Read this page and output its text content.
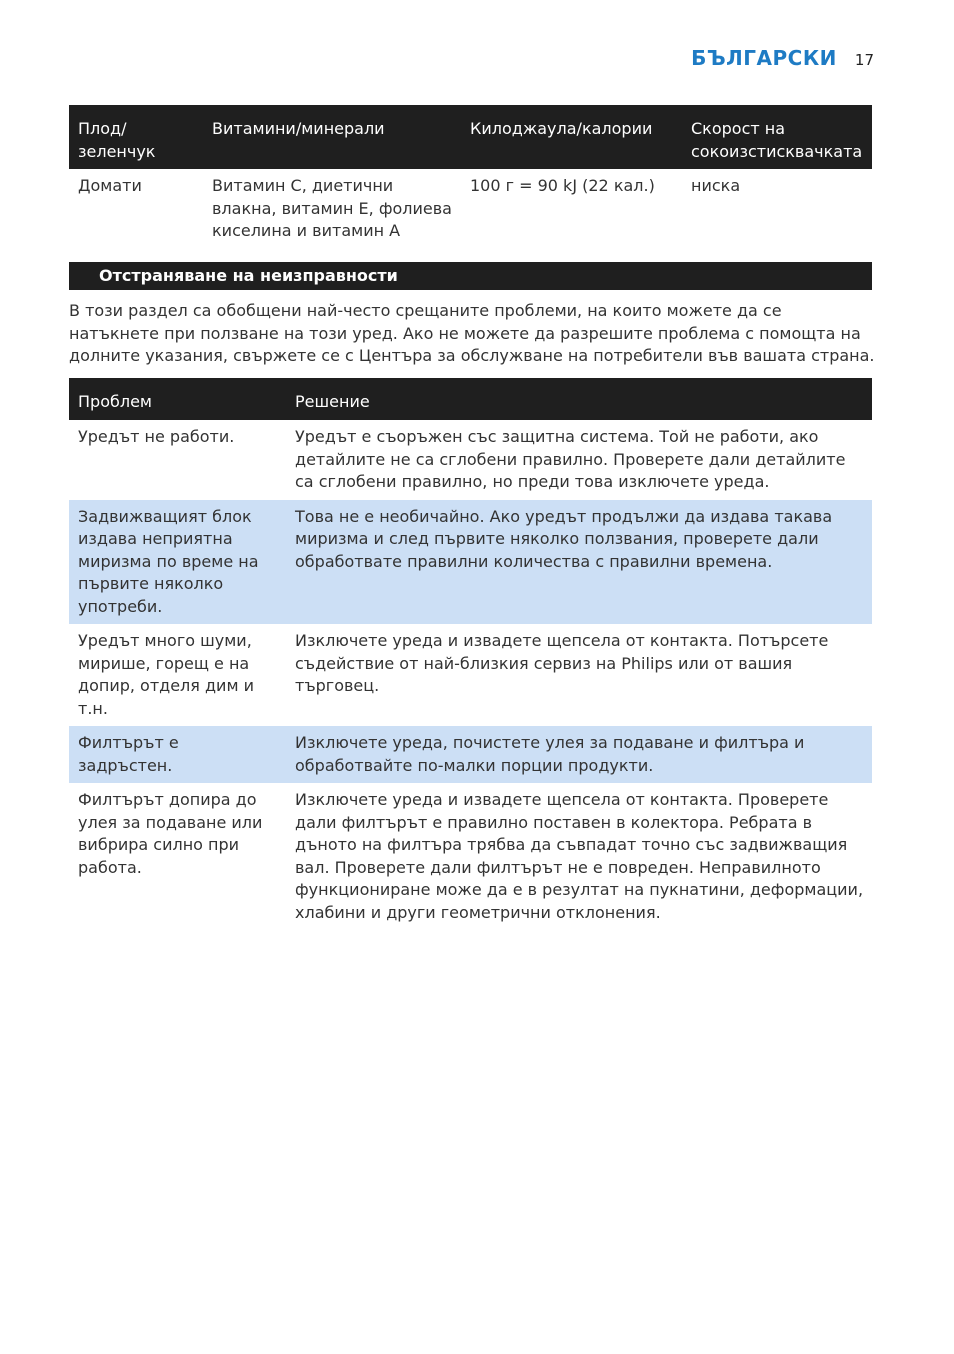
БЪЛГАРСКИ 17
Плод/ зеленчук	Витамини/минерали	Килоджаула/калории	Скорост на сокоизстисквачката
Домати	Витамин C, диетични влакна, витамин E, фолиева киселина и витамин А	100 г = 90 kJ (22 кал.)	ниска
Отстраняване на неизправности

В този раздел са обобщени най-често срещаните проблеми, на които можете да се натъкнете при ползване на този уред. Ако не можете да разрешите проблема с помощта на долните указания, свържете се с Центъра за обслужване на потребители във вашата страна.

Проблем	Решение
Уредът не работи.	Уредът е съоръжен със защитна система. Той не работи, ако детайлите не са сглобени правилно. Проверете дали детайлите са сглобени правилно, но преди това изключете уреда.
Задвижващият блок издава неприятна миризма по време на първите няколко употреби.	Това не е необичайно. Ако уредът продължи да издава такава миризма и след първите няколко ползвания, проверете дали обработвате правилни количества с правилни времена.
Уредът много шуми, мирише, горещ е на допир, отделя дим и т.н.	Изключете уреда и извадете щепсела от контакта. Потърсете съдействие от най-близкия сервиз на Philips или от вашия търговец.
Филтърът е задръстен.	Изключете уреда, почистете улея за подаване и филтъра и обработвайте по-малки порции продукти.
Филтърът допира до улея за подаване или вибрира силно при работа.	Изключете уреда и извадете щепсела от контакта. Проверете дали филтърът е правилно поставен в колектора. Ребрата в дъното на филтъра трябва да съвпадат точно със задвижващия вал. Проверете дали филтърът не е повреден. Неправилното функциониране може да е в резултат на пукнатини, деформации, хлабини и други геометрични отклонения.
